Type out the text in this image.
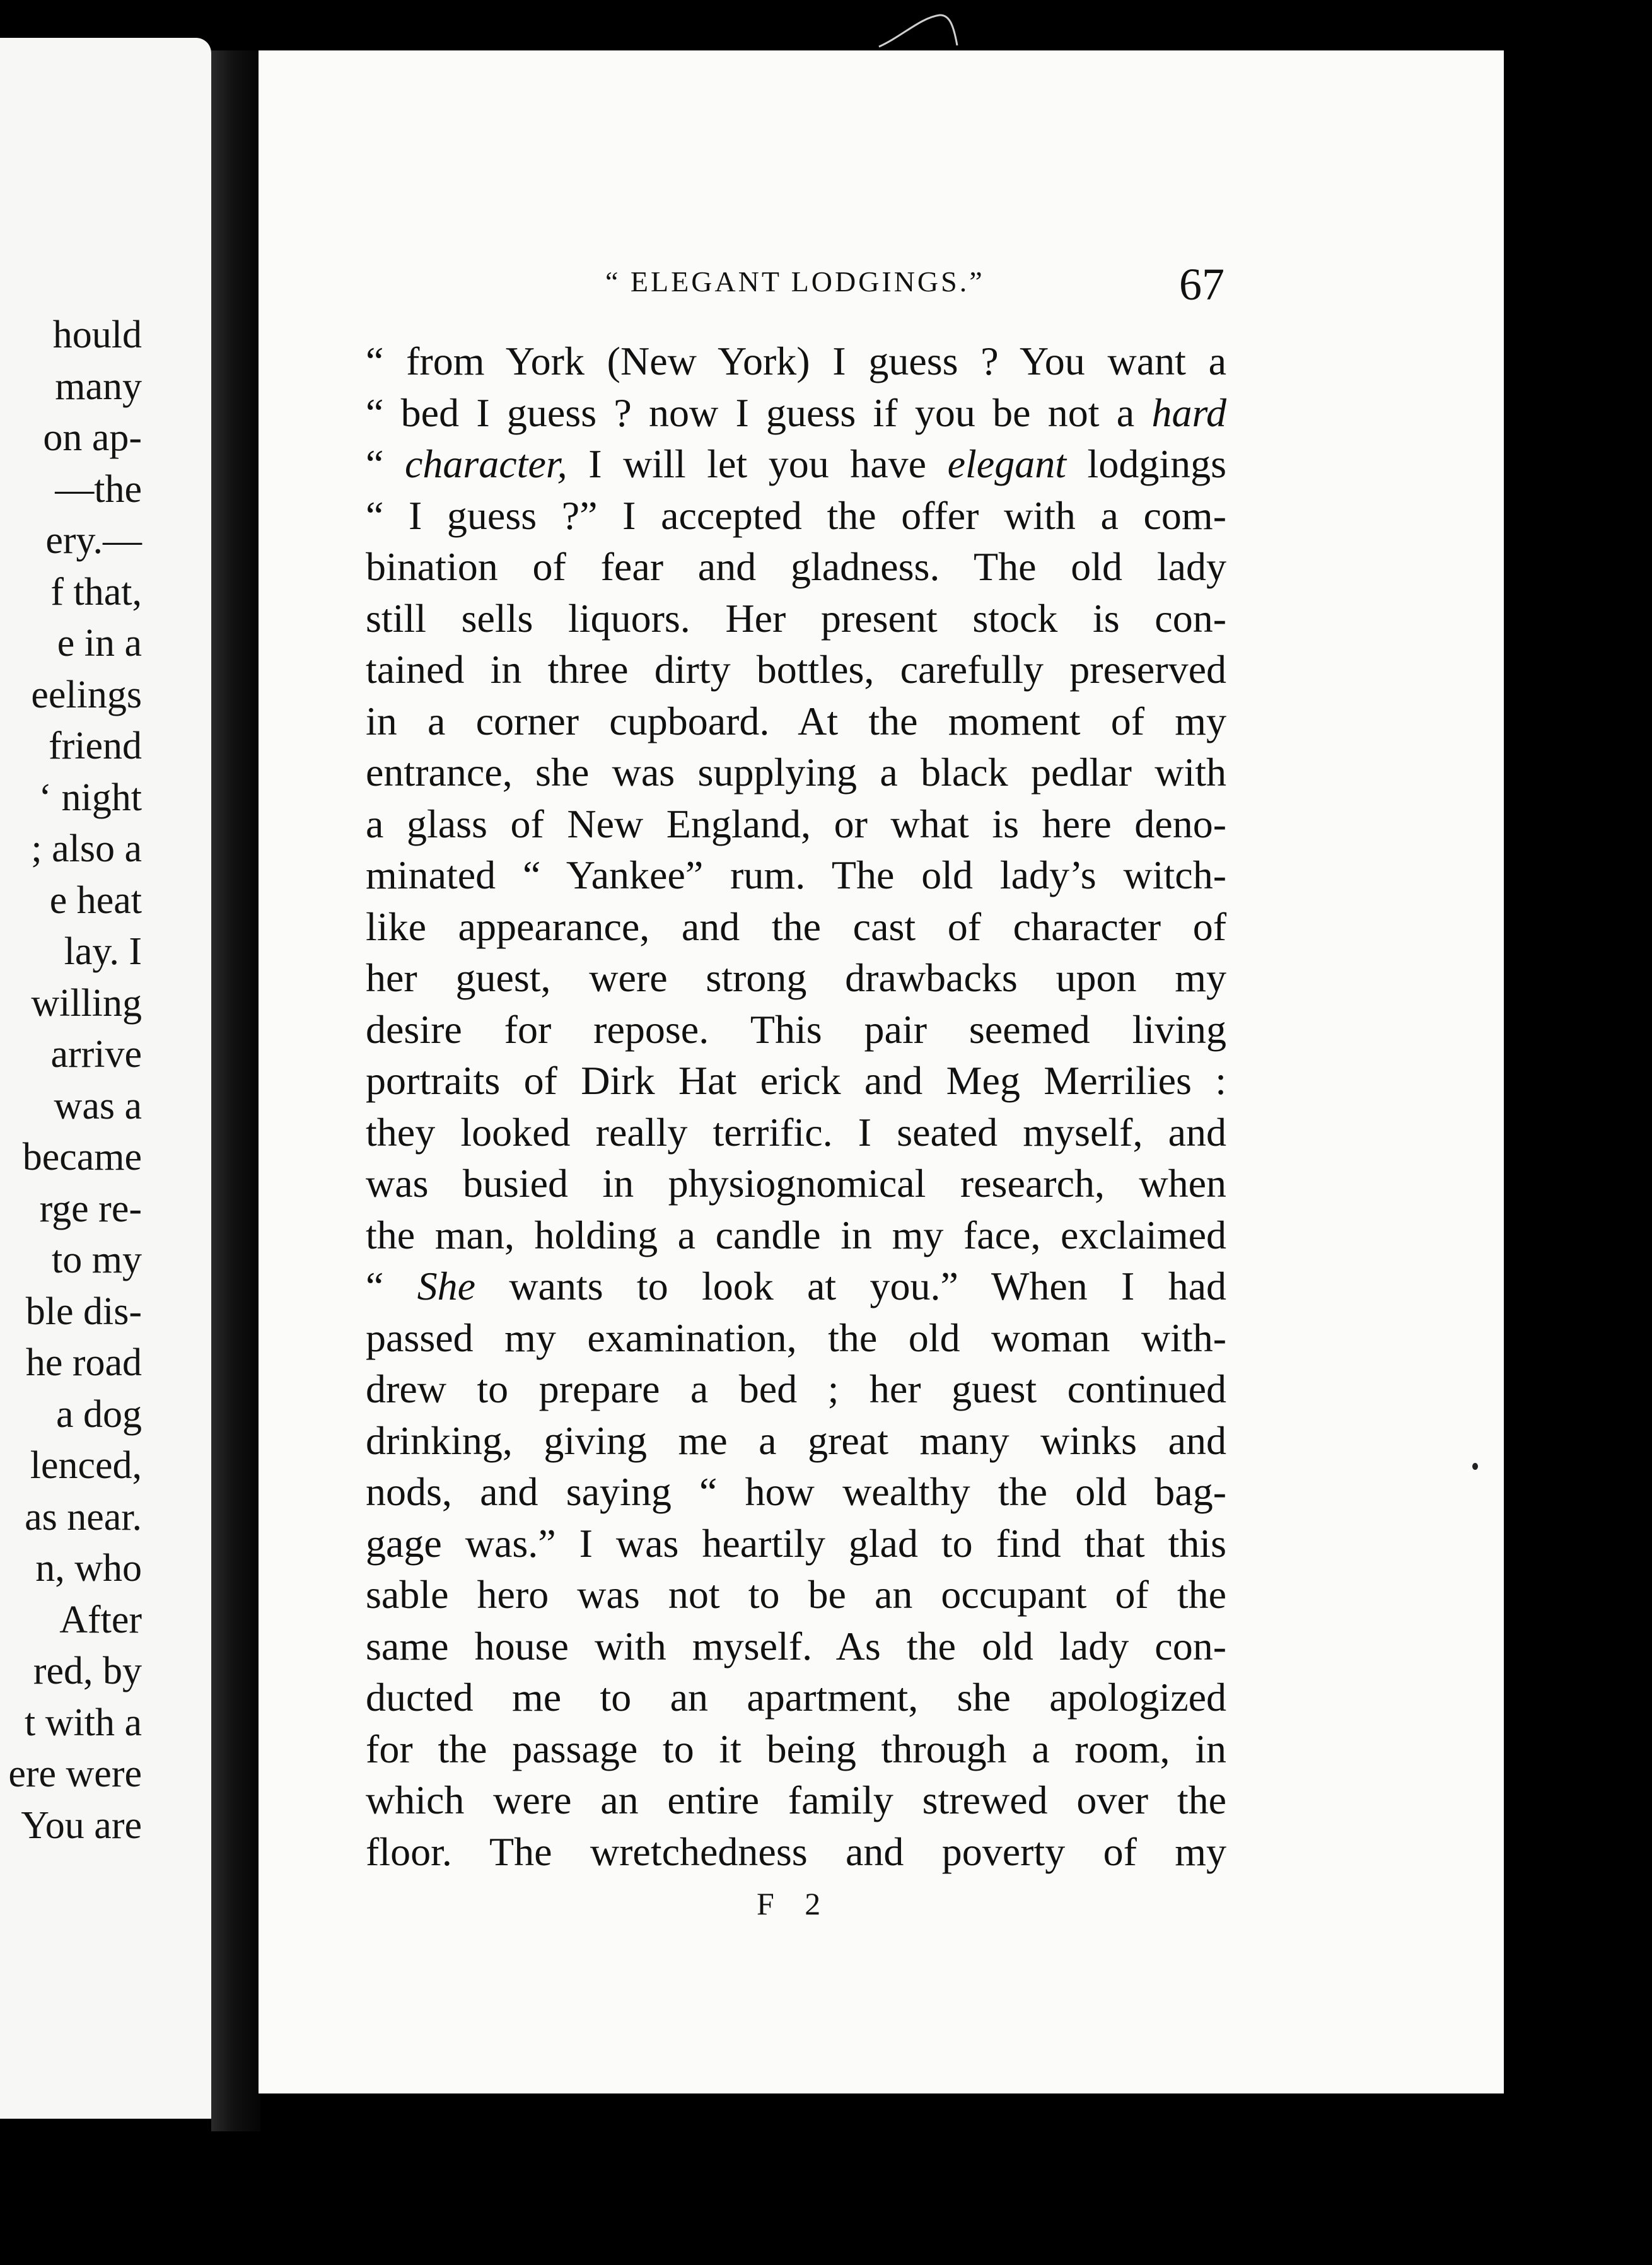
hould
many
on ap-
—the
ery.—
f that,
e in a
eelings
friend
‘ night
; also a
e heat
lay. I
willing
arrive
was a
became
rge re-
to my
ble dis-
he road
a dog
lenced,
as near.
n, who
After
red, by
t with a
ere were
You are
“ ELEGANT LODGINGS.”	67
“ from York (New York) I guess ? You want a
“ bed I guess ? now I guess if you be not a hard
“ character, I will let you have elegant lodgings
“ I guess ?” I accepted the offer with a com-
bination of fear and gladness. The old lady
still sells liquors. Her present stock is con-
tained in three dirty bottles, carefully preserved
in a corner cupboard. At the moment of my
entrance, she was supplying a black pedlar with
a glass of New England, or what is here deno-
minated “ Yankee” rum. The old lady’s witch-
like appearance, and the cast of character of
her guest, were strong drawbacks upon my
desire for repose. This pair seemed living
portraits of Dirk Hat erick and Meg Merrilies :
they looked really terrific. I seated myself, and
was busied in physiognomical research, when
the man, holding a candle in my face, exclaimed
“ She wants to look at you.” When I had
passed my examination, the old woman with-
drew to prepare a bed ; her guest continued
drinking, giving me a great many winks and
nods, and saying “ how wealthy the old bag-
gage was.” I was heartily glad to find that this
sable hero was not to be an occupant of the
same house with myself. As the old lady con-
ducted me to an apartment, she apologized
for the passage to it being through a room, in
which were an entire family strewed over the
floor. The wretchedness and poverty of my
F 2
